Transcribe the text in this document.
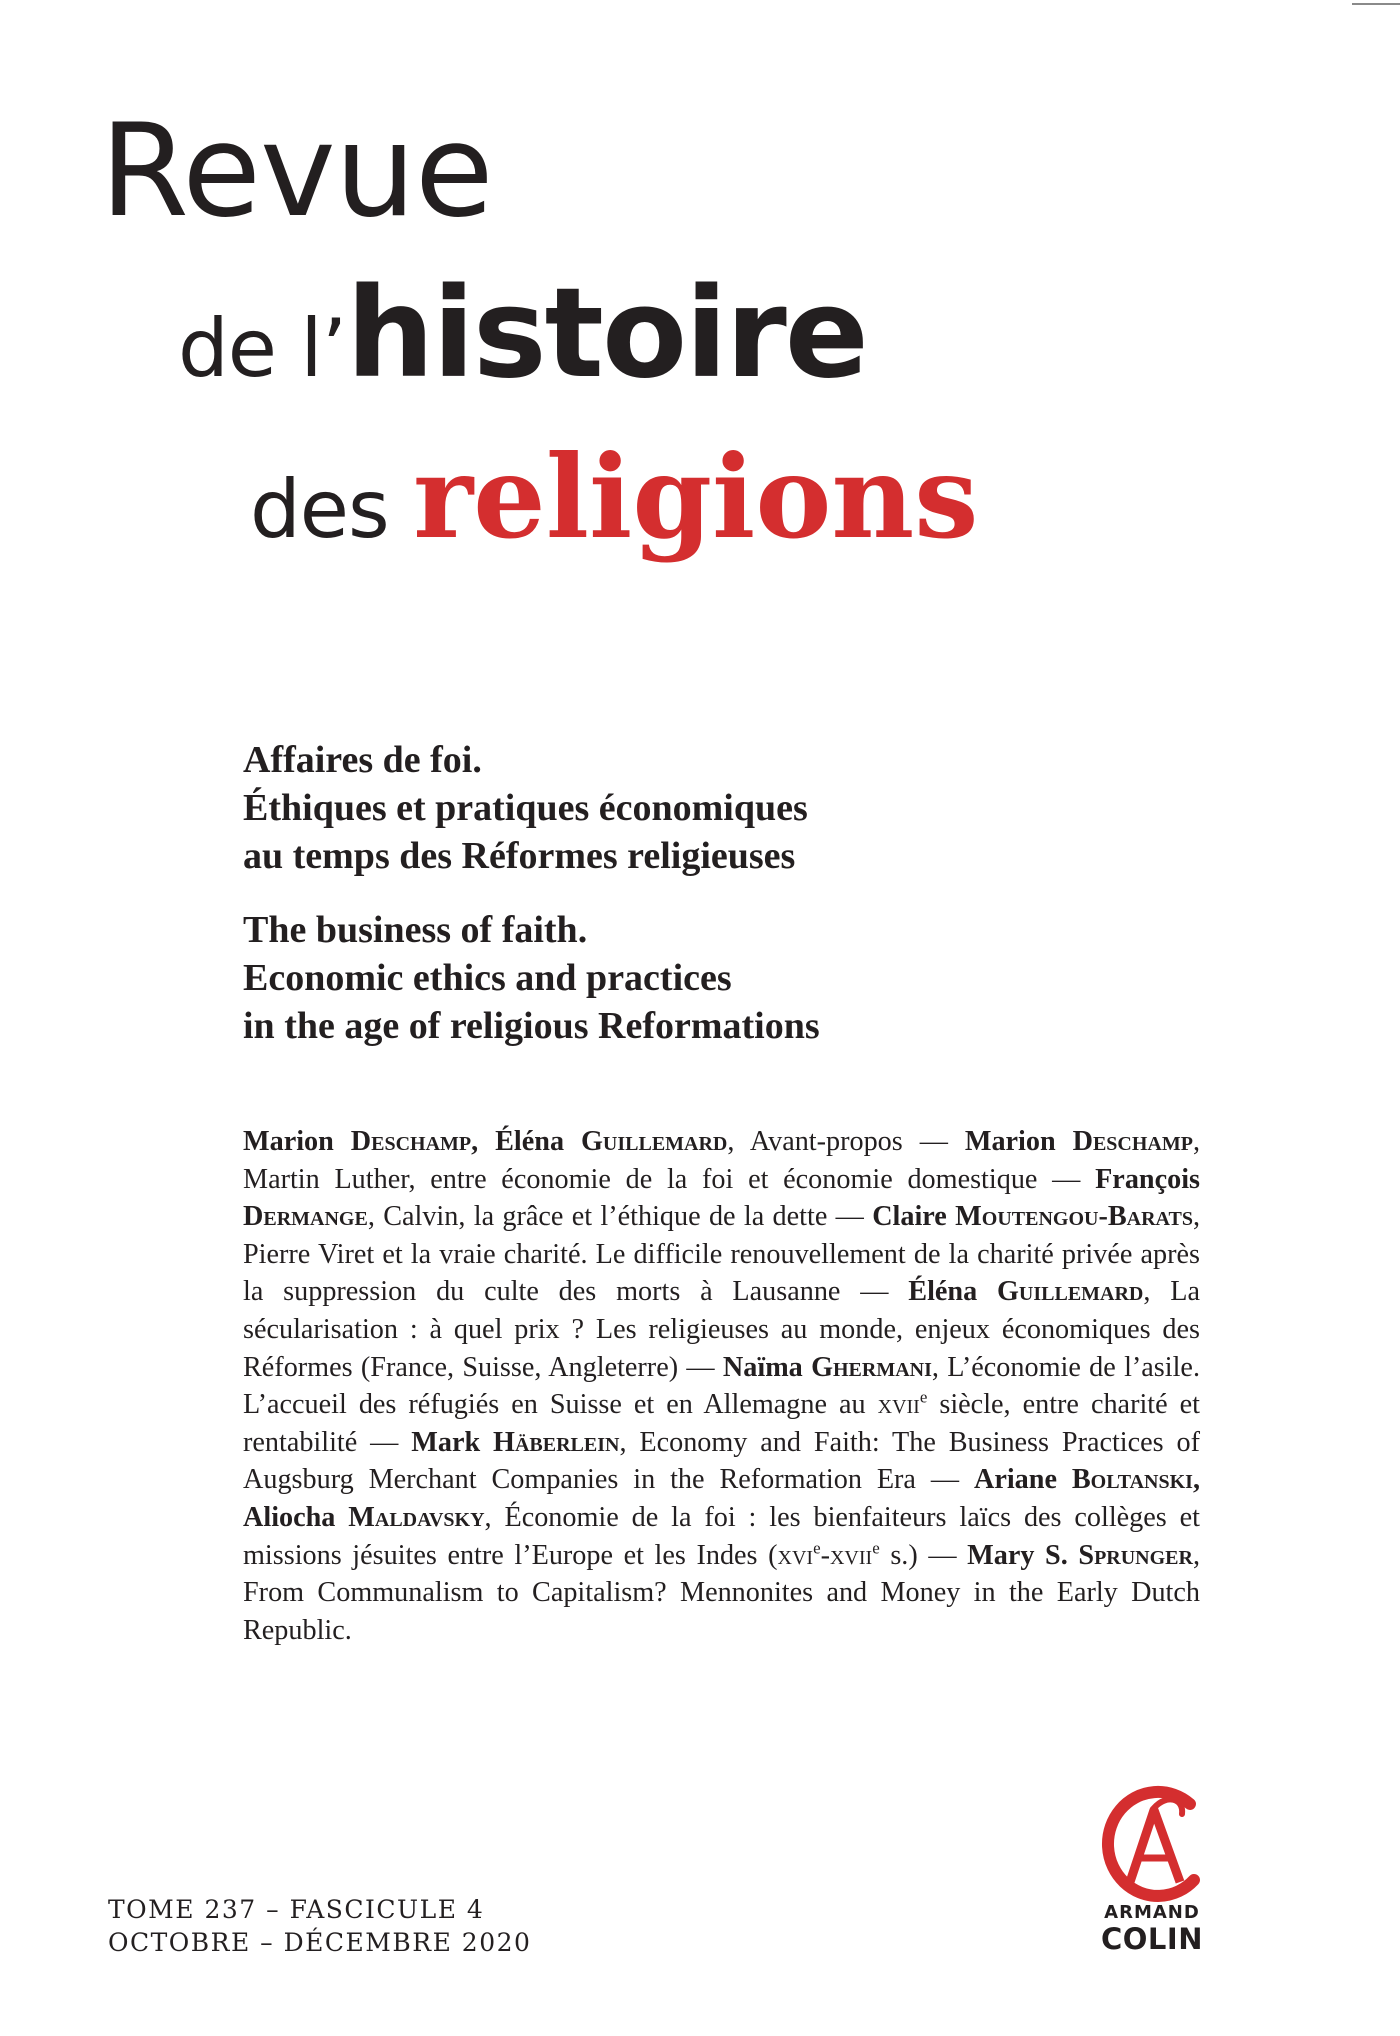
Revue
de l’histoire
des religions
Affaires de foi.
Éthiques et pratiques économiques
au temps des Réformes religieuses
The business of faith.
Economic ethics and practices
in the age of religious Reformations
Marion Deschamp, Éléna Guillemard, Avant-propos — Marion Deschamp, Martin Luther, entre économie de la foi et économie domestique — François Dermange, Calvin, la grâce et l’éthique de la dette — Claire Moutengou-Barats, Pierre Viret et la vraie charité. Le difficile renouvellement de la charité privée après la suppression du culte des morts à Lausanne — Éléna Guillemard, La sécularisation : à quel prix ? Les religieuses au monde, enjeux économiques des Réformes (France, Suisse, Angleterre) — Naïma Ghermani, L’économie de l’asile. L’accueil des réfugiés en Suisse et en Allemagne au xvii$^e$ siècle, entre charité et rentabilité — Mark Häberlein, Economy and Faith: The Business Practices of Augsburg Merchant Companies in the Reformation Era — Ariane Boltanski, Aliocha Maldavsky, Économie de la foi : les bienfaiteurs laïcs des collèges et missions jésuites entre l’Europe et les Indes (xvi$^e$-xvii$^e$ s.) — Mary S. Sprunger, From Communalism to Capitalism? Mennonites and Money in the Early Dutch Republic.
TOME 237 – FASCICULE 4
OCTOBRE – DÉCEMBRE 2020
ARMAND
COLIN
